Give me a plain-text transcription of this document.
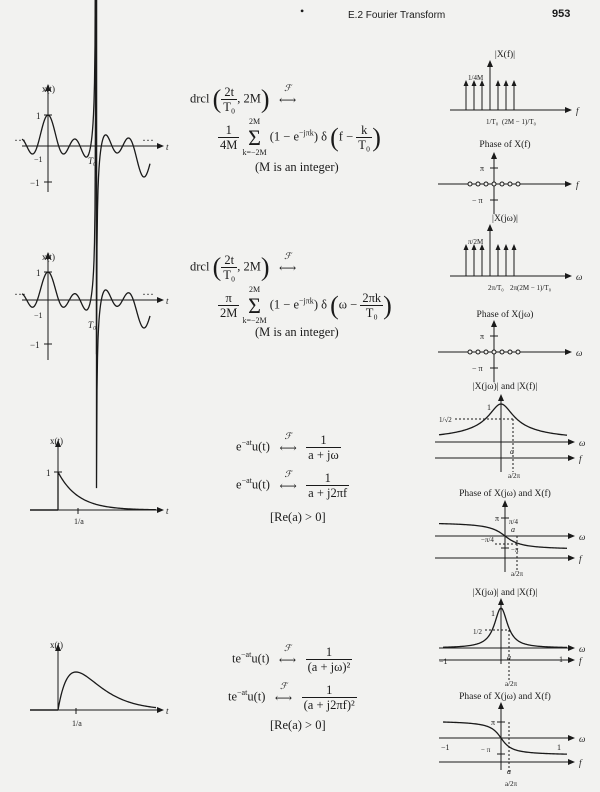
•	E.2 Fourier Transform	953
x(t)
1
−1
−1	T₀
···	··· t
drcl ( $\frac{2t}{\text{T₀}}$ , 2M)	ℱ
⟷
$\frac{1}{4M}$
2M
Σ
k=−2M $(1 - e^{-j\pi k})$ δ ($f - \frac{k}{\text{T₀}}$ )
(M is an integer)
|X(f)|
1/4M
1/T₀ (2M − 1)/T₀
f
Phase of X(f)
π
− π
f
x(t)
1
−1
−1
T₀
···	··· t
drcl ( $\frac{2t}{\text{T₀}}$ , 2M)	ℱ
⟷
$\frac{\pi}{2M}$
2M
Σ
k=−2M $(1 - e^{-j\pi k})$ δ ($\omega - \frac{2\pi k}{\text{T₀}}$ )
(M is an integer)
|X(jω)|
π/2M
2π/T₀ 2π(2M − 1)/T₀
ω
Phase of X(jω)
π
− π
ω
x(t)
1
1/a
t
$e^{-at}u(t)$
ℱ
⟷ $\frac{1}{a + j\omega}$
$e^{-at}u(t)$
ℱ
⟷ $\frac{1}{a + j2\pi f}$
[Re(a) > 0]
|X(jω)| and |X(f)|
1
1/√2
a
a/2π
ω
f
Phase of X(jω) and X(f)
π π/4
−π/4
−π
a
a/2π
ω
f
x(t)
1/a
t
$te^{-at}u(t)$
ℱ
⟷ $\frac{1}{\text{(a + jω)²}}$
$te^{-at}u(t)$
ℱ
⟷ $\frac{1}{\text{(a + j2πf)²}}$
[Re(a) > 0]
|X(jω)| and |X(f)|
1
1/2
−1	1
a
a/2π
ω
f
Phase of X(jω) and X(f)
π
− π
−1	1
a
a/2π
ω
f
